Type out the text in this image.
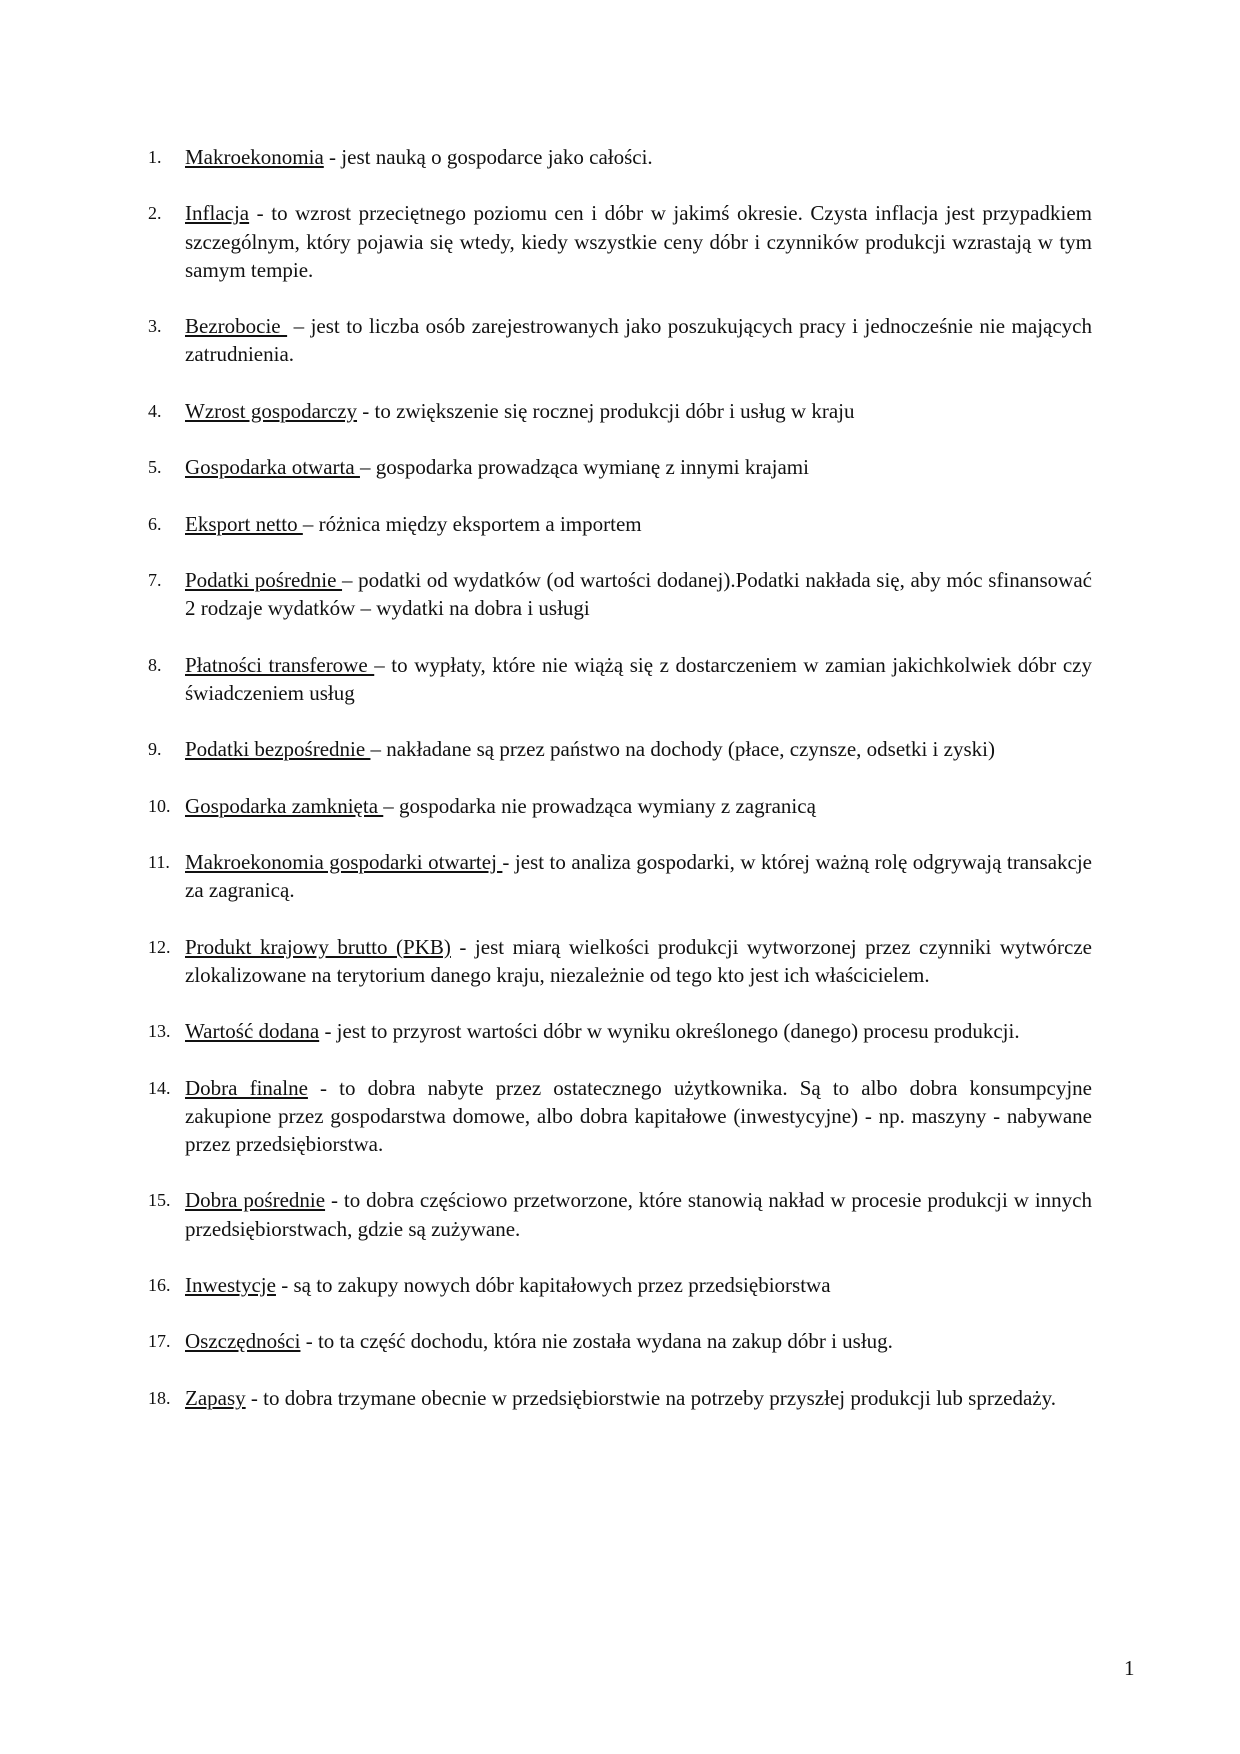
1.	Makroekonomia - jest nauką o gospodarce jako całości.
2.	Inflacja - to wzrost przeciętnego poziomu cen i dóbr w jakimś okresie. Czysta inflacja jest przypadkiem szczególnym, który pojawia się wtedy, kiedy wszystkie ceny dóbr i czynników produkcji wzrastają w tym samym tempie.
3.	Bezrobocie  – jest to liczba osób zarejestrowanych jako poszukujących pracy i jednocześnie nie mających zatrudnienia.
4.	Wzrost gospodarczy - to zwiększenie się rocznej produkcji dóbr i usług w kraju
5.	Gospodarka otwarta – gospodarka prowadząca wymianę z innymi krajami
6.	Eksport netto – różnica między eksportem a importem
7.	Podatki pośrednie – podatki od wydatków (od wartości dodanej).Podatki nakłada się, aby móc sfinansować 2 rodzaje wydatków – wydatki na dobra i usługi
8.	Płatności transferowe – to wypłaty, które nie wiążą się z dostarczeniem w zamian jakichkolwiek dóbr czy świadczeniem usług
9.	Podatki bezpośrednie – nakładane są przez państwo na dochody (płace, czynsze, odsetki i zyski)
10. Gospodarka zamknięta – gospodarka nie prowadząca wymiany z zagranicą
11. Makroekonomia gospodarki otwartej - jest to analiza gospodarki, w której ważną rolę odgrywają transakcje za zagranicą.
12. Produkt krajowy brutto (PKB) - jest miarą wielkości produkcji wytworzonej przez czynniki wytwórcze zlokalizowane na terytorium danego kraju, niezależnie od tego kto jest ich właścicielem.
13. Wartość dodana - jest to przyrost wartości dóbr w wyniku określonego (danego) procesu produkcji.
14. Dobra finalne - to dobra nabyte przez ostatecznego użytkownika. Są to albo dobra konsumpcyjne zakupione przez gospodarstwa domowe, albo dobra kapitałowe (inwestycyjne) - np. maszyny - nabywane przez przedsiębiorstwa.
15. Dobra pośrednie - to dobra częściowo przetworzone, które stanowią nakład w procesie produkcji w innych przedsiębiorstwach, gdzie są zużywane.
16. Inwestycje - są to zakupy nowych dóbr kapitałowych przez przedsiębiorstwa
17. Oszczędności - to ta część dochodu, która nie została wydana na zakup dóbr i usług.
18. Zapasy - to dobra trzymane obecnie w przedsiębiorstwie na potrzeby przyszłej produkcji lub sprzedaży.
1
